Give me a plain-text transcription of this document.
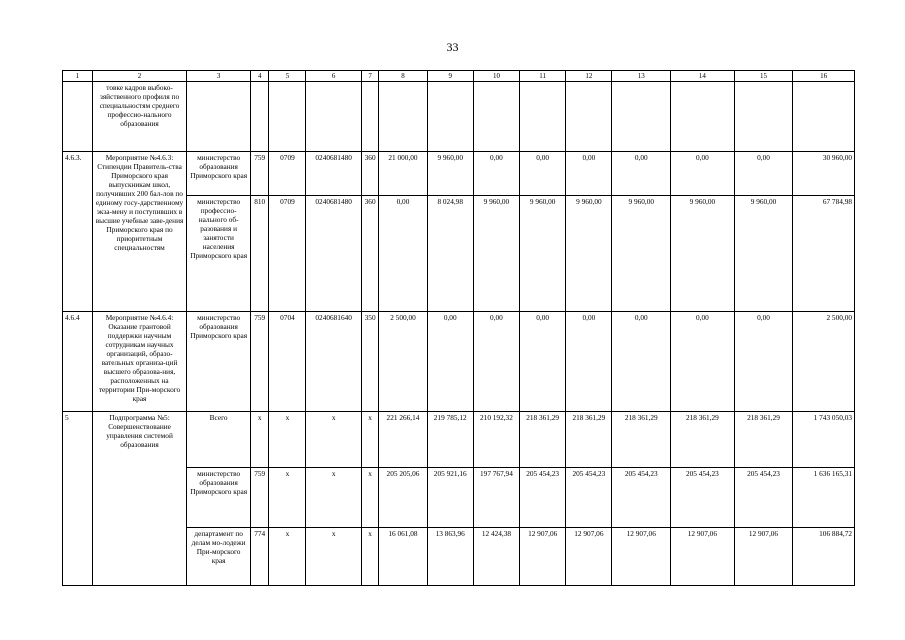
33
1	2	3	4	5	6	7	8	9	10	11	12	13	14	15	16
	товке кадров выбоко-зяйственного профиля по специальностям среднего профессио-нального образования														
4.6.3.	Мероприятие №4.6.3: Стипендии Правитель-ства Приморского края выпускникам школ, получивших 200 бал-лов по единому госу-дарственному экза-мену и поступивших в высшие учебные заве-дения Приморского края по приоритетным специальностям	министерство образования Приморского края	759	0709	0240681480	360	21 000,00	9 960,00	0,00	0,00	0,00	0,00	0,00	0,00	30 960,00
		министерство профессио-нального об-разования и занятости населения Приморского края	810	0709	0240681480	360	0,00	8 024,98	9 960,00	9 960,00	9 960,00	9 960,00	9 960,00	9 960,00	67 784,98
4.6.4	Мероприятие №4.6.4: Оказание грантовой поддержки научным сотрудникам научных организаций, образо-вательных организа-ций высшего образова-ния, расположенных на территории При-морского края	министерство образования Приморского края	759	0704	0240681640	350	2 500,00	0,00	0,00	0,00	0,00	0,00	0,00	0,00	2 500,00
5	Подпрограмма №5: Совершенствование управления системой образования	Всего	x	x	x	x	221 266,14	219 785,12	210 192,32	218 361,29	218 361,29	218 361,29	218 361,29	218 361,29	1 743 050,03
		министерство образования Приморского края	759	x	x	x	205 205,06	205 921,16	197 767,94	205 454,23	205 454,23	205 454,23	205 454,23	205 454,23	1 636 165,31
		департамент по делам мо-лодежи При-морского края	774	x	x	x	16 061,08	13 863,96	12 424,38	12 907,06	12 907,06	12 907,06	12 907,06	12 907,06	106 884,72
